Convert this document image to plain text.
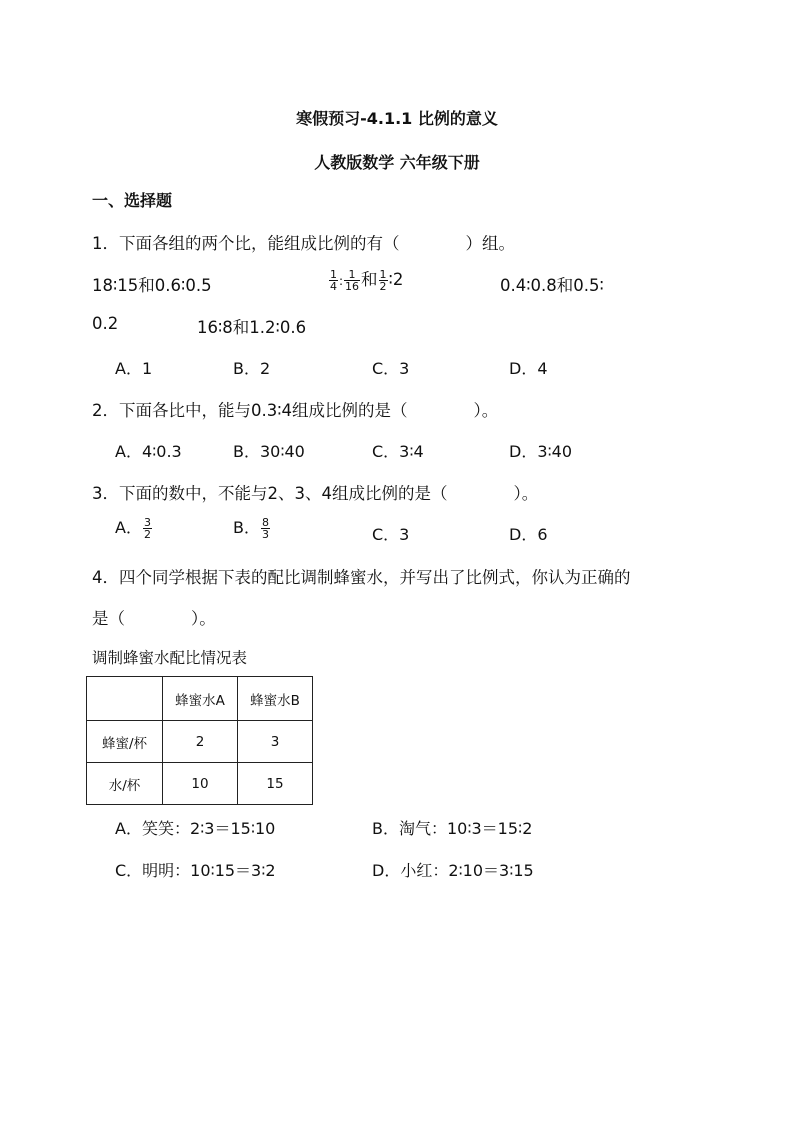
寒假预习-4.1.1 比例的意义
人教版数学 六年级下册
一、选择题
1．下面各组的两个比，能组成比例的有（　　　　）组。
18∶15和0.6∶0.5	$\frac{1}{4}$ : $\frac{1}{16}$ 和 $\frac{1}{2}$ ∶2	0.4∶0.8和0.5∶
0.2	16∶8和1.2∶0.6
A．1	B．2	C．3	D．4
2．下面各比中，能与0.3∶4组成比例的是（　　　　）。
A．4∶0.3	B．30∶40	C．3∶4	D．3∶40
3．下面的数中，不能与2、3、4组成比例的是（　　　　）。
A． $\frac{3}{2}$	B． $\frac{8}{3}$	C．3	D．6
4．四个同学根据下表的配比调制蜂蜜水，并写出了比例式，你认为正确的
是（　　　　）。
调制蜂蜜水配比情况表
	蜂蜜水A	蜂蜜水B
蜂蜜/杯	2	3
水/杯	10	15
A．笑笑：2∶3＝15∶10	B．淘气：10∶3＝15∶2
C．明明：10∶15＝3∶2	D．小红：2∶10＝3∶15
